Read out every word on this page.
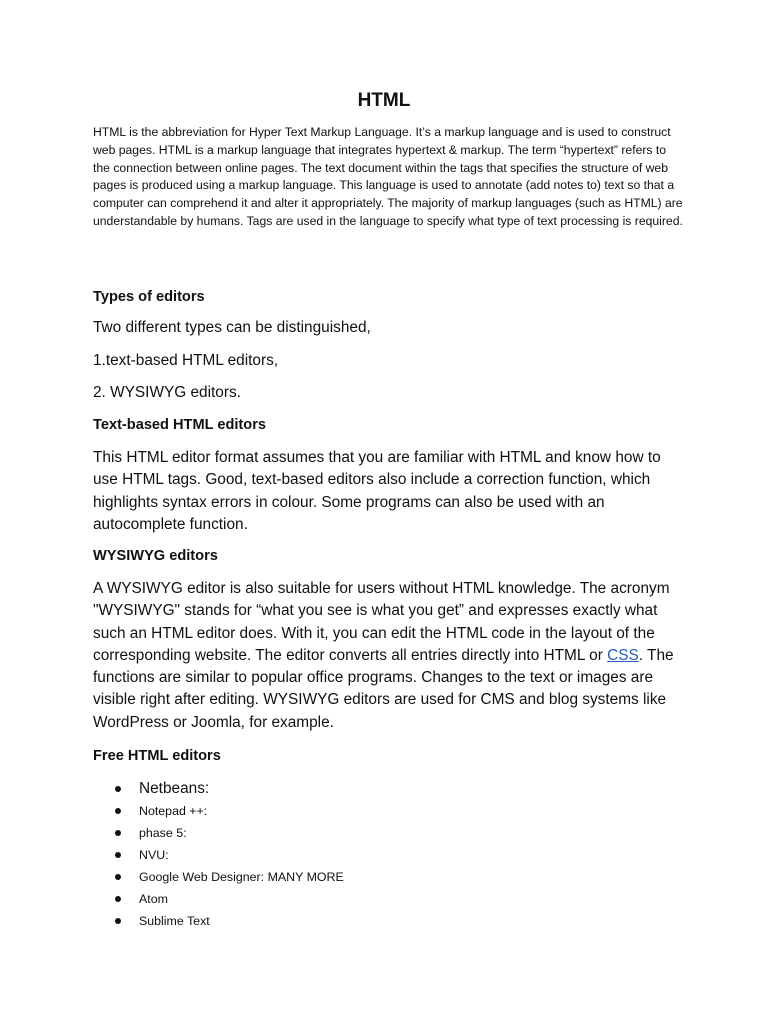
HTML

HTML is the abbreviation for Hyper Text Markup Language. It’s a markup language and is used to construct web pages. HTML is a markup language that integrates hypertext & markup. The term “hypertext” refers to the connection between online pages. The text document within the tags that specifies the structure of web pages is produced using a markup language. This language is used to annotate (add notes to) text so that a computer can comprehend it and alter it appropriately. The majority of markup languages (such as HTML) are understandable by humans. Tags are used in the language to specify what type of text processing is required.

Types of editors

Two different types can be distinguished,

1.text-based HTML editors,

2. WYSIWYG editors.

Text-based HTML editors

This HTML editor format assumes that you are familiar with HTML and know how to use HTML tags. Good, text-based editors also include a correction function, which highlights syntax errors in colour. Some programs can also be used with an autocomplete function.

WYSIWYG editors

A WYSIWYG editor is also suitable for users without HTML knowledge. The acronym "WYSIWYG" stands for “what you see is what you get” and expresses exactly what such an HTML editor does. With it, you can edit the HTML code in the layout of the corresponding website. The editor converts all entries directly into HTML or CSS. The functions are similar to popular office programs. Changes to the text or images are visible right after editing. WYSIWYG editors are used for CMS and blog systems like WordPress or Joomla, for example.

Free HTML editors

Netbeans:
Notepad ++:
phase 5:
NVU:
Google Web Designer: MANY MORE
Atom
Sublime Text
